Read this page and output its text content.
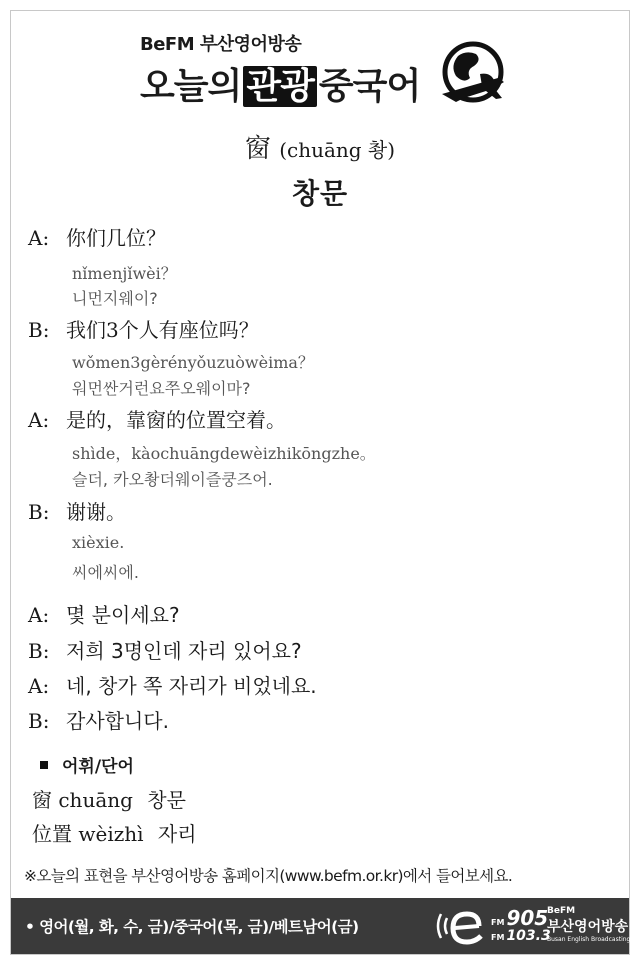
BeFM 부산영어방송
오늘의 관광 중국어
窗 (chuāng 촹)
창문
A: 你们几位？
nǐmenjǐwèi？
니먼지웨이?
B: 我们3个人有座位吗？
wǒmen3gèrényǒuzuòwèima？
워먼싼거런요쭈오웨이마?
A: 是的，靠窗的位置空着。
shìde，kàochuāngdewèizhikōngzhe。
슬더, 카오촹더웨이즐쿵즈어.
B: 谢谢。
xièxie.
씨에씨에.
A: 몇 분이세요?
B: 저희 3명인데 자리 있어요?
A: 네, 창가 쪽 자리가 비었네요.
B: 감사합니다.
어휘/단어
窗 chuāng 창문
位置 wèizhì 자리
※오늘의 표현을 부산영어방송 홈페이지(www.befm.or.kr)에서 들어보세요.
• 영어(월, 화, 수, 금)/중국어(목, 금)/베트남어(금)	FM 905
FM 103.3
BeFM
부산영어방송
Busan English Broadcasting
